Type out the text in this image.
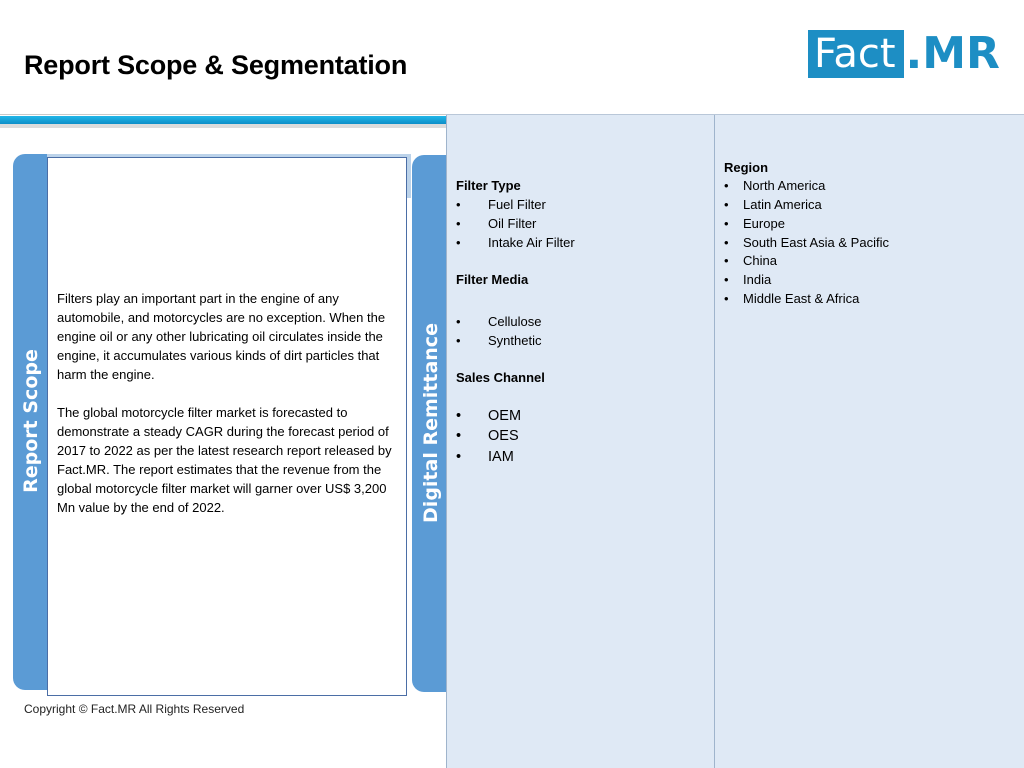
Report Scope & Segmentation	Fact .MR
Report Scope

Filters play an important part in the engine of any automobile, and motorcycles are no exception. When the engine oil or any other lubricating oil circulates inside the engine, it accumulates various kinds of dirt particles that harm the engine.

The global motorcycle filter market is forecasted to demonstrate a steady CAGR during the forecast period of 2017 to 2022 as per the latest research report released by Fact.MR. The report estimates that the revenue from the global motorcycle filter market will garner over US$ 3,200 Mn value by the end of 2022.	Digital Remittance
Filter Type
• Fuel Filter
• Oil Filter
• Intake Air Filter
Filter Media
• Cellulose
• Synthetic
Sales Channel
• OEM
• OES
• IAM
Region
• North America
• Latin America
• Europe
• South East Asia & Pacific
• China
• India
• Middle East & Africa
Copyright © Fact.MR All Rights Reserved
